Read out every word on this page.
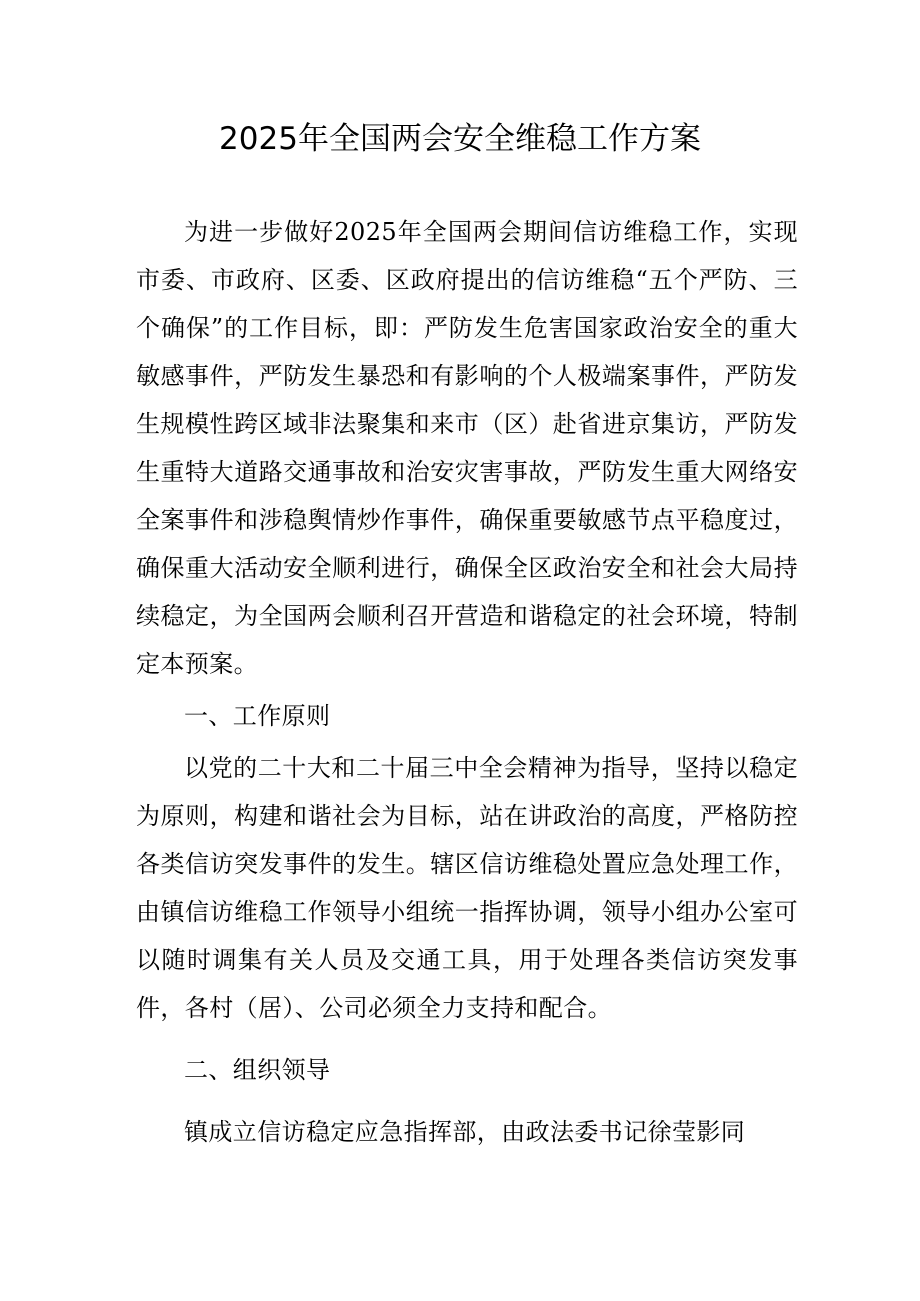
2025年全国两会安全维稳工作方案

为进一步做好2025年全国两会期间信访维稳工作，实现市委、市政府、区委、区政府提出的信访维稳“五个严防、三个确保”的工作目标，即：严防发生危害国家政治安全的重大敏感事件，严防发生暴恐和有影响的个人极端案事件，严防发生规模性跨区域非法聚集和来市（区）赴省进京集访，严防发生重特大道路交通事故和治安灾害事故，严防发生重大网络安全案事件和涉稳舆情炒作事件，确保重要敏感节点平稳度过，确保重大活动安全顺利进行，确保全区政治安全和社会大局持续稳定，为全国两会顺利召开营造和谐稳定的社会环境，特制定本预案。

一、工作原则

以党的二十大和二十届三中全会精神为指导，坚持以稳定为原则，构建和谐社会为目标，站在讲政治的高度，严格防控各类信访突发事件的发生。辖区信访维稳处置应急处理工作，由镇信访维稳工作领导小组统一指挥协调，领导小组办公室可以随时调集有关人员及交通工具，用于处理各类信访突发事件，各村（居）、公司必须全力支持和配合。

二、组织领导

镇成立信访稳定应急指挥部，由政法委书记徐莹影同
